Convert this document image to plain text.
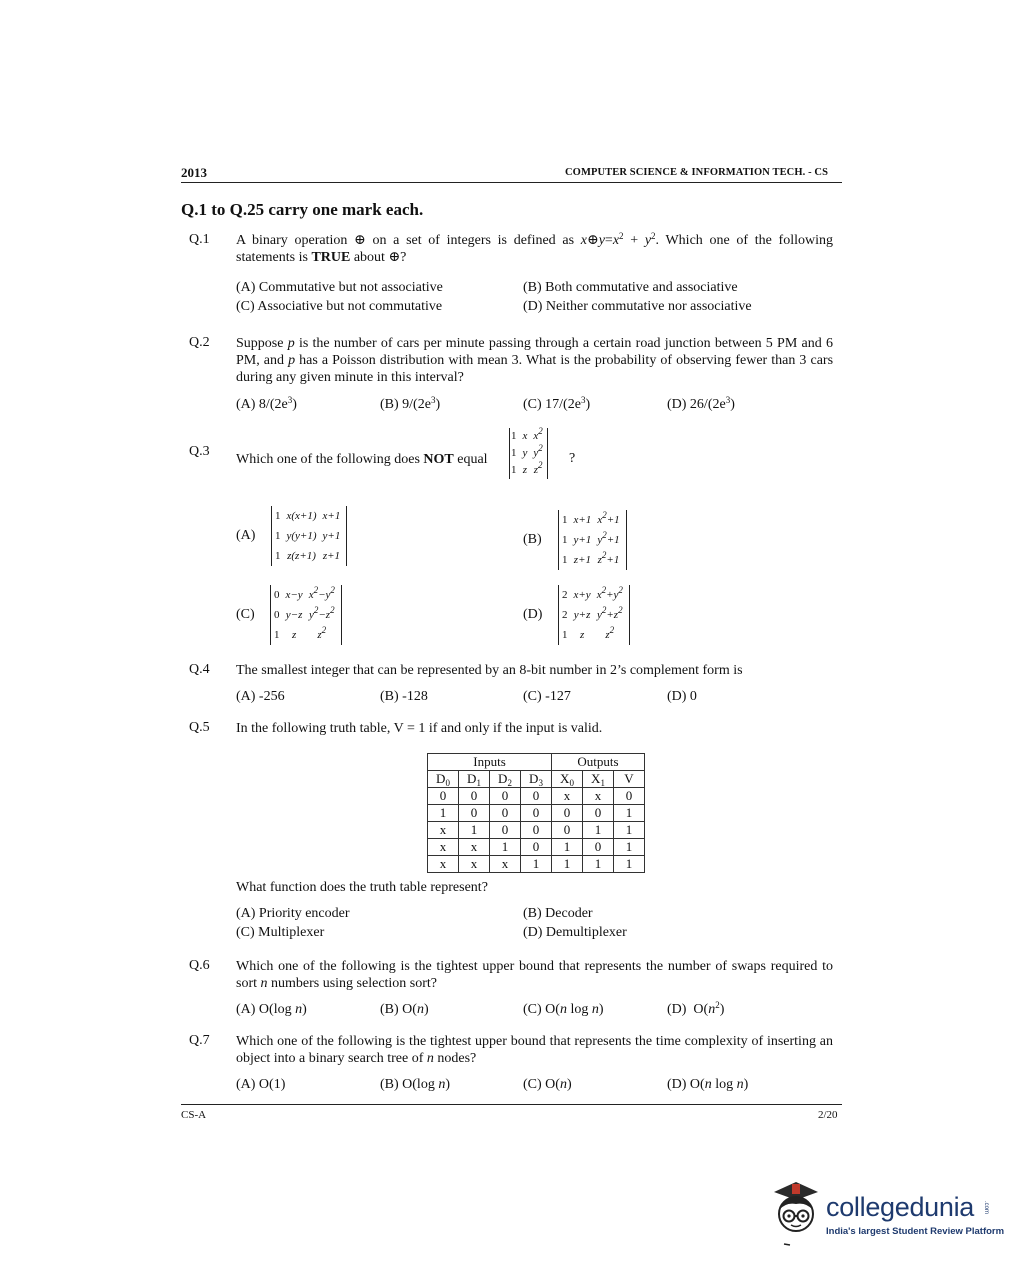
2013	COMPUTER SCIENCE & INFORMATION TECH. - CS
Q.1 to Q.25 carry one mark each.
Q.1 A binary operation ⊕ on a set of integers is defined as $x\oplus y=x^2 + y^2$. Which one of the following statements is TRUE about ⊕?
(A) Commutative but not associative	(B) Both commutative and associative
(C) Associative but not commutative	(D) Neither commutative nor associative
Q.2 Suppose p is the number of cars per minute passing through a certain road junction between 5 PM and 6 PM, and p has a Poisson distribution with mean 3. What is the probability of observing fewer than 3 cars during any given minute in this interval?
(A) $8/(2e^3)$	(B) $9/(2e^3)$	(C) $17/(2e^3)$	(D) $26/(2e^3)$
Q.3
Which one of the following does NOT equal
1	x	$x^2$
1	y	$y^2$
1	z	$z^2$ ?
(A)
1	x(x+1)	x+1
1	y(y+1)	y+1
1	z(z+1)	z+1
(B)
1	x+1	$x^2+1$
1	y+1	$y^2+1$
1	z+1	$z^2+1$
(C)
0	x−y	$x^2-y^2$
0	y−z	$y^2-z^2$
1	z	$z^2$
(D)
2	x+y	$x^2+y^2$
2	y+z	$y^2+z^2$
1	z	$z^2$
Q.4 The smallest integer that can be represented by an 8-bit number in 2’s complement form is
(A) -256	(B) -128	(C) -127	(D) 0
Q.5 In the following truth table, V = 1 if and only if the input is valid.
Inputs				Outputs		
$D_0$	$D_1$	$D_2$	$D_3$	$X_0$	$X_1$	V
0	0	0	0	x	x	0
1	0	0	0	0	0	1
x	1	0	0	0	1	1
x	x	1	0	1	0	1
x	x	x	1	1	1	1
What function does the truth table represent?
(A) Priority encoder	(B) Decoder
(C) Multiplexer	(D) Demultiplexer
Q.6 Which one of the following is the tightest upper bound that represents the number of swaps required to sort n numbers using selection sort?
(A) O(log n)	(B) O(n)	(C) O(n log n)	(D)  $O(n^2)$
Q.7 Which one of the following is the tightest upper bound that represents the time complexity of inserting an object into a binary search tree of n nodes?
(A) O(1)	(B) O(log n)	(C) O(n)	(D) O(n log n)
CS-A	2/20
collegedunia .com
India's largest Student Review Platform
